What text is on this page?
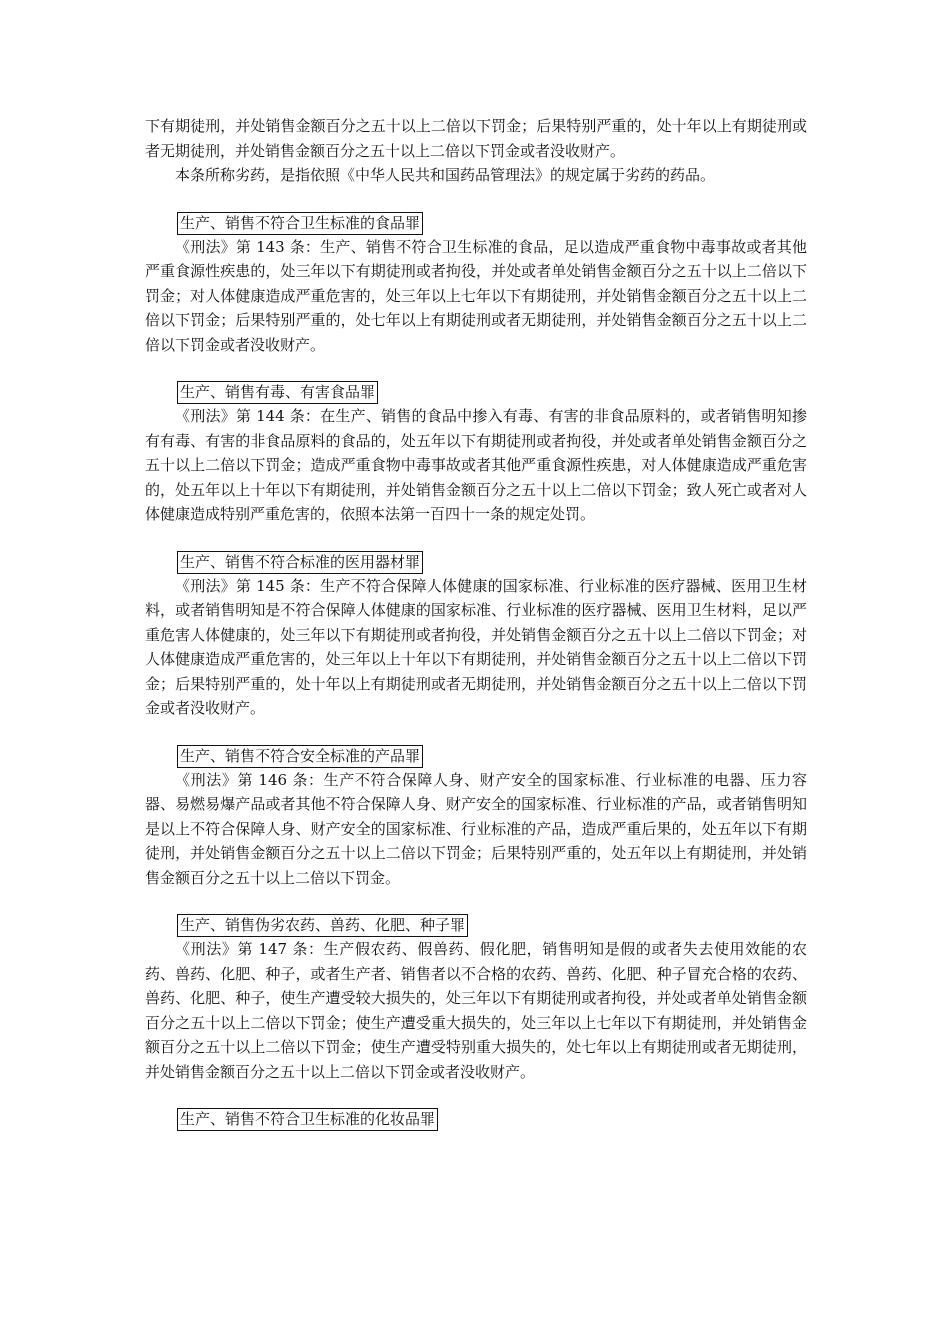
下有期徒刑，并处销售金额百分之五十以上二倍以下罚金；后果特别严重的，处十年以上有期徒刑或者无期徒刑，并处销售金额百分之五十以上二倍以下罚金或者没收财产。

本条所称劣药，是指依照《中华人民共和国药品管理法》的规定属于劣药的药品。

生产、销售不符合卫生标准的食品罪

《刑法》第 143 条：生产、销售不符合卫生标准的食品，足以造成严重食物中毒事故或者其他严重食源性疾患的，处三年以下有期徒刑或者拘役，并处或者单处销售金额百分之五十以上二倍以下罚金；对人体健康造成严重危害的，处三年以上七年以下有期徒刑，并处销售金额百分之五十以上二倍以下罚金；后果特别严重的，处七年以上有期徒刑或者无期徒刑，并处销售金额百分之五十以上二倍以下罚金或者没收财产。

生产、销售有毒、有害食品罪

《刑法》第 144 条：在生产、销售的食品中掺入有毒、有害的非食品原料的，或者销售明知掺有有毒、有害的非食品原料的食品的，处五年以下有期徒刑或者拘役，并处或者单处销售金额百分之五十以上二倍以下罚金；造成严重食物中毒事故或者其他严重食源性疾患，对人体健康造成严重危害的，处五年以上十年以下有期徒刑，并处销售金额百分之五十以上二倍以下罚金；致人死亡或者对人体健康造成特别严重危害的，依照本法第一百四十一条的规定处罚。

生产、销售不符合标准的医用器材罪

《刑法》第 145 条：生产不符合保障人体健康的国家标准、行业标准的医疗器械、医用卫生材料，或者销售明知是不符合保障人体健康的国家标准、行业标准的医疗器械、医用卫生材料，足以严重危害人体健康的，处三年以下有期徒刑或者拘役，并处销售金额百分之五十以上二倍以下罚金；对人体健康造成严重危害的，处三年以上十年以下有期徒刑，并处销售金额百分之五十以上二倍以下罚金；后果特别严重的，处十年以上有期徒刑或者无期徒刑，并处销售金额百分之五十以上二倍以下罚金或者没收财产。

生产、销售不符合安全标准的产品罪

《刑法》第 146 条：生产不符合保障人身、财产安全的国家标准、行业标准的电器、压力容器、易燃易爆产品或者其他不符合保障人身、财产安全的国家标准、行业标准的产品，或者销售明知是以上不符合保障人身、财产安全的国家标准、行业标准的产品，造成严重后果的，处五年以下有期徒刑，并处销售金额百分之五十以上二倍以下罚金；后果特别严重的，处五年以上有期徒刑，并处销售金额百分之五十以上二倍以下罚金。

生产、销售伪劣农药、兽药、化肥、种子罪

《刑法》第 147 条：生产假农药、假兽药、假化肥，销售明知是假的或者失去使用效能的农药、兽药、化肥、种子，或者生产者、销售者以不合格的农药、兽药、化肥、种子冒充合格的农药、兽药、化肥、种子，使生产遭受较大损失的，处三年以下有期徒刑或者拘役，并处或者单处销售金额百分之五十以上二倍以下罚金；使生产遭受重大损失的，处三年以上七年以下有期徒刑，并处销售金额百分之五十以上二倍以下罚金；使生产遭受特别重大损失的，处七年以上有期徒刑或者无期徒刑，并处销售金额百分之五十以上二倍以下罚金或者没收财产。

生产、销售不符合卫生标准的化妆品罪
